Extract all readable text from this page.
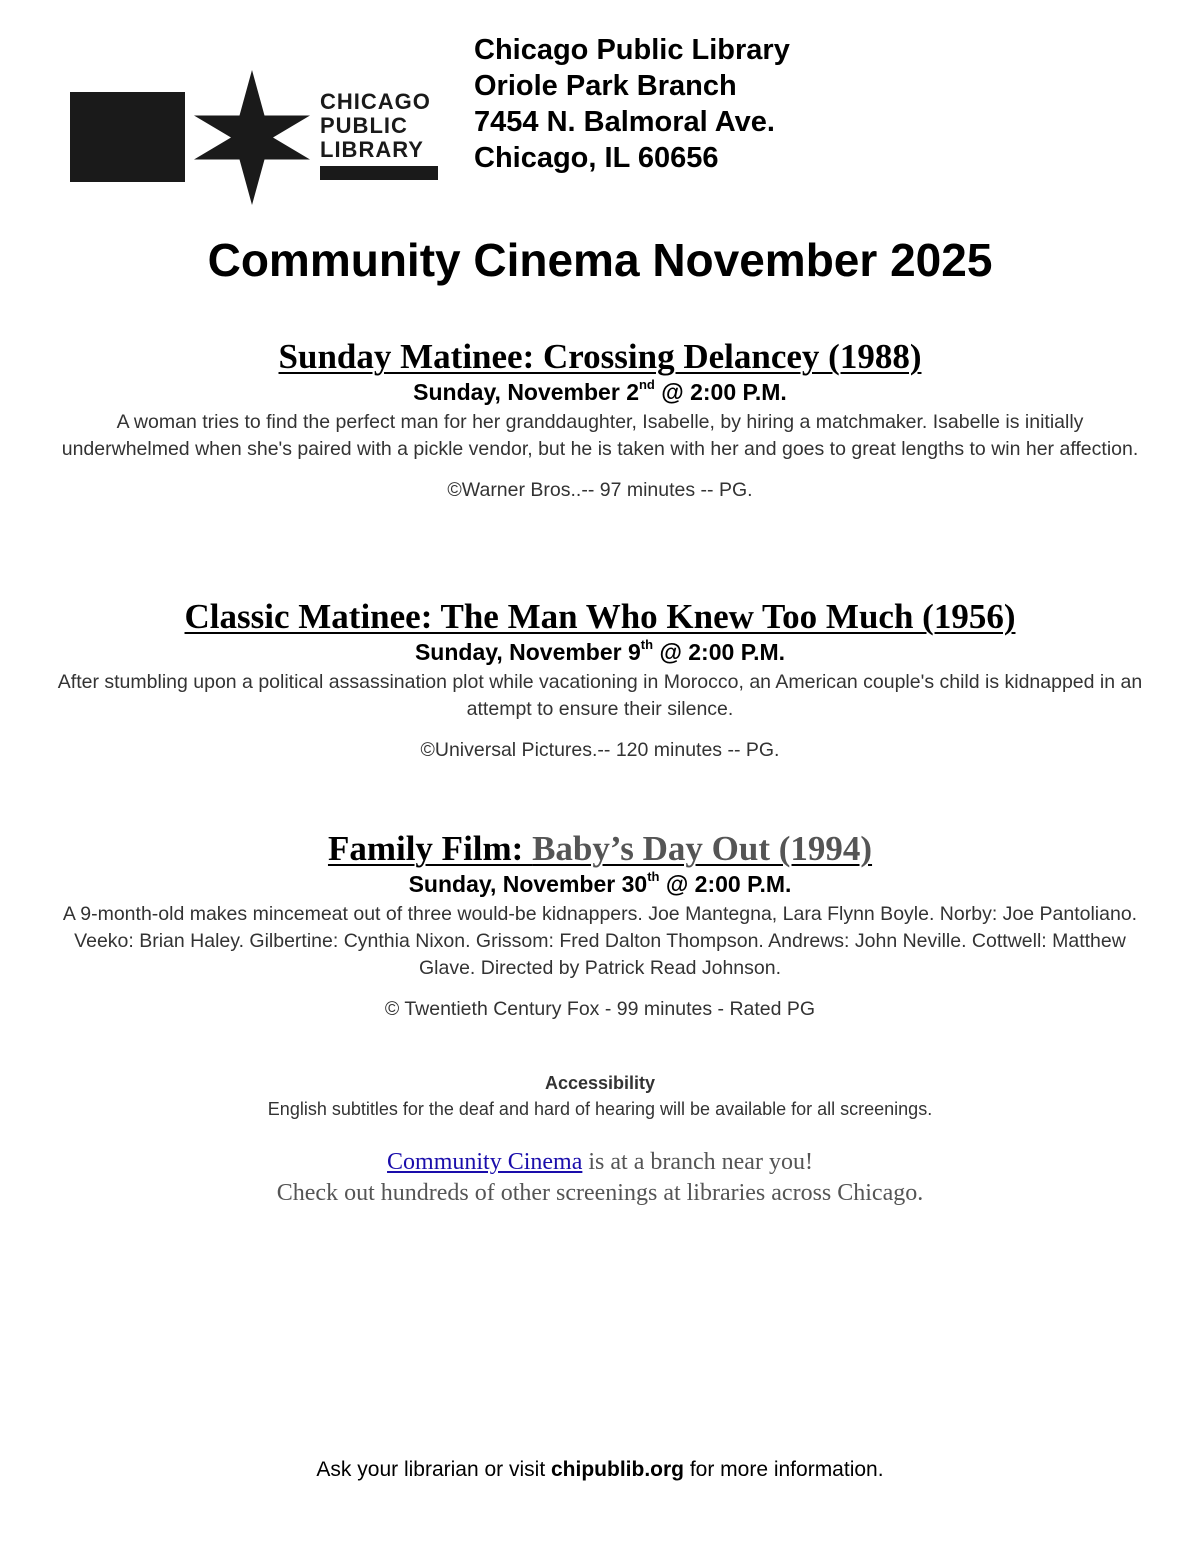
CHICAGO
PUBLIC
LIBRARY
Chicago Public Library
Oriole Park Branch
7454 N. Balmoral Ave.
Chicago, IL 60656
Community Cinema November 2025
Sunday Matinee: Crossing Delancey (1988)
Sunday, November 2nd @ 2:00 P.M.
A woman tries to find the perfect man for her granddaughter, Isabelle, by hiring a matchmaker. Isabelle is initially underwhelmed when she's paired with a pickle vendor, but he is taken with her and goes to great lengths to win her affection.
©Warner Bros..-- 97 minutes -- PG.
Classic Matinee: The Man Who Knew Too Much (1956)
Sunday, November 9th @ 2:00 P.M.
After stumbling upon a political assassination plot while vacationing in Morocco, an American couple's child is kidnapped in an attempt to ensure their silence.
©Universal Pictures.-- 120 minutes -- PG.
Family Film: Baby’s Day Out (1994)
Sunday, November 30th @ 2:00 P.M.
A 9-month-old makes mincemeat out of three would-be kidnappers. Joe Mantegna, Lara Flynn Boyle. Norby: Joe Pantoliano. Veeko: Brian Haley. Gilbertine: Cynthia Nixon. Grissom: Fred Dalton Thompson. Andrews: John Neville. Cottwell: Matthew Glave. Directed by Patrick Read Johnson.
© Twentieth Century Fox - 99 minutes - Rated PG
Accessibility
English subtitles for the deaf and hard of hearing will be available for all screenings.
Community Cinema is at a branch near you!
Check out hundreds of other screenings at libraries across Chicago.
Ask your librarian or visit chipublib.org for more information.
